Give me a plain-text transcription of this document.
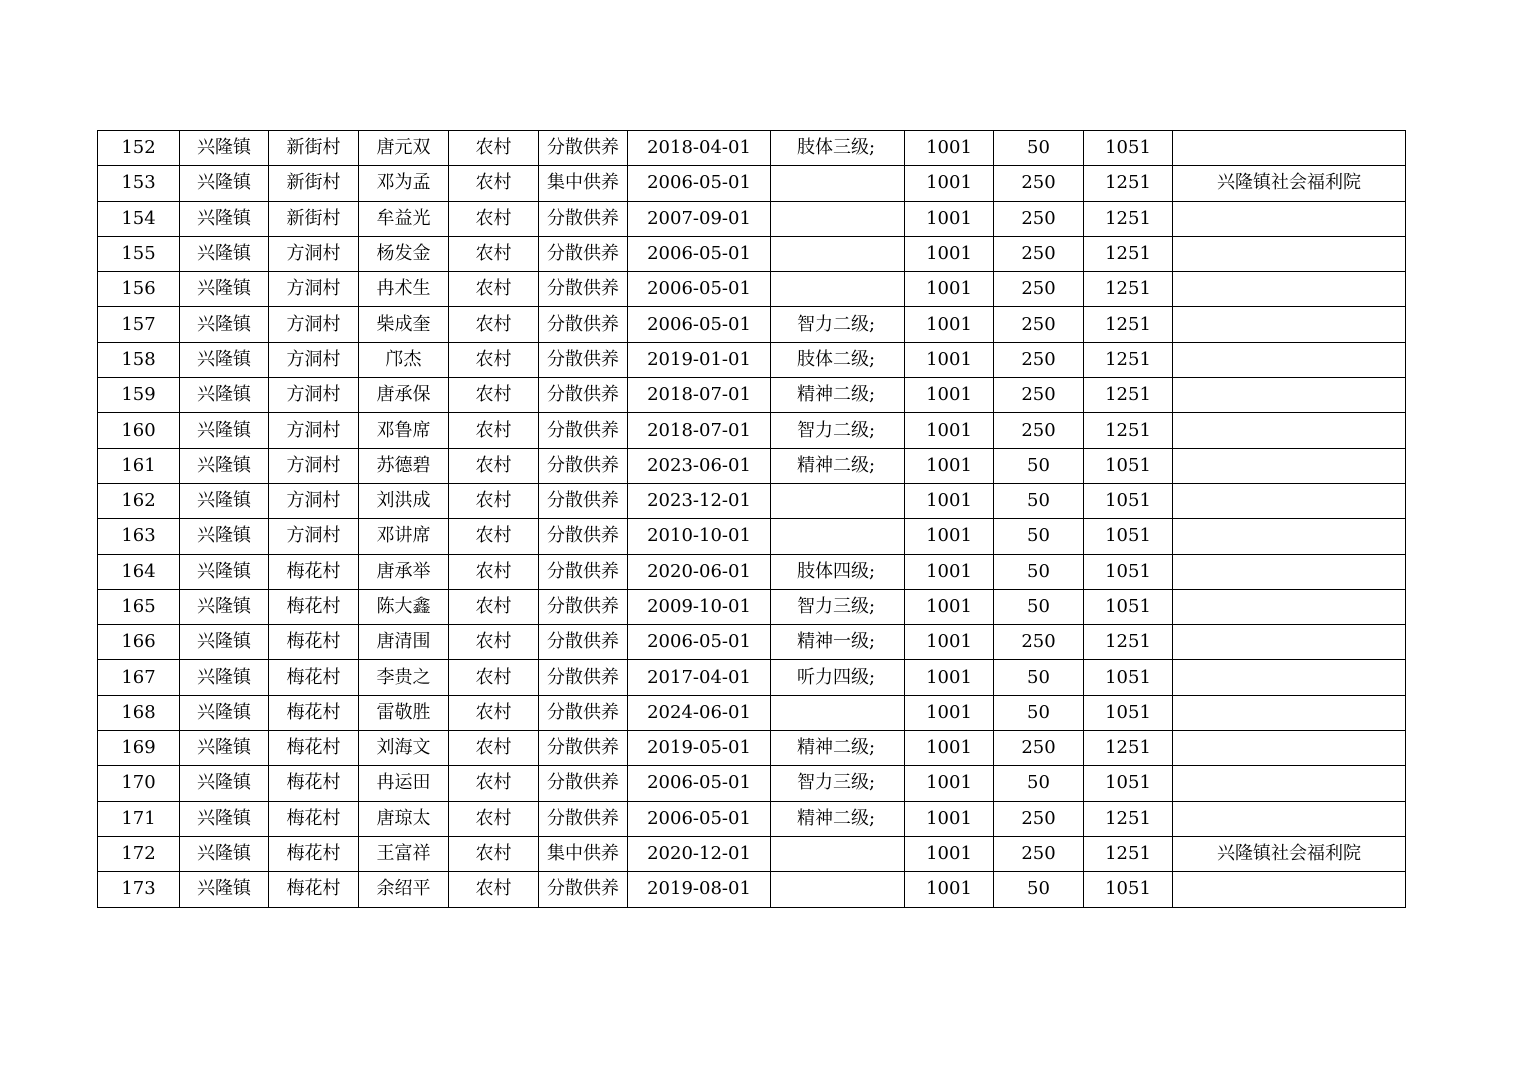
152	兴隆镇	新街村	唐元双	农村	分散供养	2018-04-01	肢体三级;	1001	50	1051	
153	兴隆镇	新街村	邓为孟	农村	集中供养	2006-05-01		1001	250	1251	兴隆镇社会福利院
154	兴隆镇	新街村	牟益光	农村	分散供养	2007-09-01		1001	250	1251	
155	兴隆镇	方洞村	杨发金	农村	分散供养	2006-05-01		1001	250	1251	
156	兴隆镇	方洞村	冉术生	农村	分散供养	2006-05-01		1001	250	1251	
157	兴隆镇	方洞村	柴成奎	农村	分散供养	2006-05-01	智力二级;	1001	250	1251	
158	兴隆镇	方洞村	邝杰	农村	分散供养	2019-01-01	肢体二级;	1001	250	1251	
159	兴隆镇	方洞村	唐承保	农村	分散供养	2018-07-01	精神二级;	1001	250	1251	
160	兴隆镇	方洞村	邓鲁席	农村	分散供养	2018-07-01	智力二级;	1001	250	1251	
161	兴隆镇	方洞村	苏德碧	农村	分散供养	2023-06-01	精神二级;	1001	50	1051	
162	兴隆镇	方洞村	刘洪成	农村	分散供养	2023-12-01		1001	50	1051	
163	兴隆镇	方洞村	邓讲席	农村	分散供养	2010-10-01		1001	50	1051	
164	兴隆镇	梅花村	唐承举	农村	分散供养	2020-06-01	肢体四级;	1001	50	1051	
165	兴隆镇	梅花村	陈大鑫	农村	分散供养	2009-10-01	智力三级;	1001	50	1051	
166	兴隆镇	梅花村	唐清围	农村	分散供养	2006-05-01	精神一级;	1001	250	1251	
167	兴隆镇	梅花村	李贵之	农村	分散供养	2017-04-01	听力四级;	1001	50	1051	
168	兴隆镇	梅花村	雷敬胜	农村	分散供养	2024-06-01		1001	50	1051	
169	兴隆镇	梅花村	刘海文	农村	分散供养	2019-05-01	精神二级;	1001	250	1251	
170	兴隆镇	梅花村	冉运田	农村	分散供养	2006-05-01	智力三级;	1001	50	1051	
171	兴隆镇	梅花村	唐琼太	农村	分散供养	2006-05-01	精神二级;	1001	250	1251	
172	兴隆镇	梅花村	王富祥	农村	集中供养	2020-12-01		1001	250	1251	兴隆镇社会福利院
173	兴隆镇	梅花村	余绍平	农村	分散供养	2019-08-01		1001	50	1051	
